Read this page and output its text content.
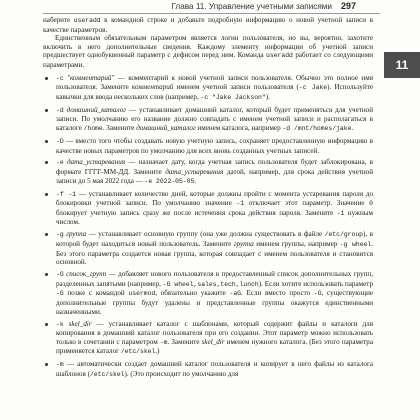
Глава 11. Управление учетными записями 297
11

наберите useradd в командной строке и добавьте подробную информацию о новой учетной записи в качестве параметров.

Единственным обязательным параметром является логин пользователя, но вы, вероятно, захотите включить в него дополнительные сведения. Каждому элементу информации об учетной записи предшествует однобуквенный параметр с дефисом перед ним. Команда useradd работает со следующими параметрами.

-c "комментарий" — комментарий к новой учетной записи пользователя. Обычно это полное имя пользователя. Замените комментарий именем учетной записи пользователя (-c Jake). Используйте кавычки для ввода нескольких слов (например, -c "Jake Jackson").
-d домашний_каталог — устанавливает домашний каталог, который будет применяться для учетной записи. По умолчанию его название должно совпадать с именем учетной записи и располагаться в каталоге /home. Замените домашний_каталог именем каталога, например -d /mnt/homes/jake.
-D — вместо того чтобы создавать новую учетную запись, сохраняет предоставленную информацию в качестве новых параметров по умолчанию для всех вновь созданных учетных записей.
-e дата_устаревания — назначает дату, когда учетная запись пользователя будет заблокирована, в формате ГГГГ-ММ-ДД. Замените дата_устаревания датой, например, для срока действия учетной записи до 5 мая 2022 года — -e 2022-05-05.
-f -1 — устанавливает количество дней, которые должны пройти с момента устаревания пароля до блокировки учетной записи. По умолчанию значение -1 отключает этот параметр. Значение 0 блокирует учетную запись сразу же после истечения срока действия пароля. Замените -1 нужным числом.
-g группа — устанавливает основную группу (она уже должна существовать в файле /etc/group), в которой будет находиться новый пользователь. Замените группа именем группы, например -g wheel. Без этого параметра создается новая группа, которая совпадает с именем пользователя и становится основной.
-G список_групп — добавляет нового пользователя в предоставленный список дополнительных групп, разделенных запятыми (например, -G wheel,sales,tech,lunch). Если хотите использовать параметр -G позже с командой usermod, обязательно укажите -aG. Если вместо просто -G, существующие дополнительные группы будут удалены и представленные группы окажутся единственными назначенными.
-k skel_dir — устанавливает каталог с шаблонами, который содержит файлы и каталоги для копирования в домашний каталог пользователя при его создании. Этот параметр можно использовать только в сочетании с параметром -m. Замените skel_dir именем нужного каталога. (Без этого параметра применяется каталог /etc/skel.)
-m — автоматически создает домашний каталог пользователя и копирует в него файлы из каталога шаблонов (/etc/skel). (Это происходит по умолчанию для
